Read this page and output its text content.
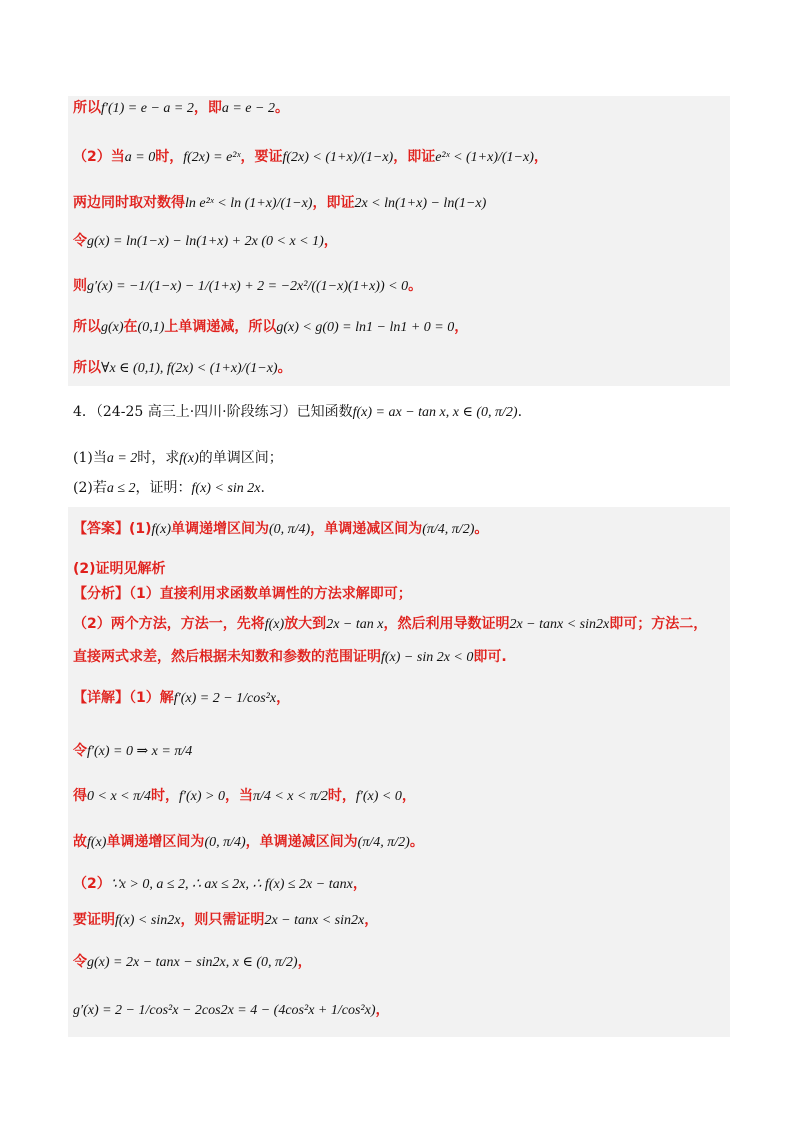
所以f′(1) = e − a = 2，即a = e − 2。
（2）当a = 0时，f(2x) = e²ˣ，要证f(2x) < (1+x)/(1−x)，即证e²ˣ < (1+x)/(1−x)，
两边同时取对数得ln e²ˣ < ln (1+x)/(1−x)，即证2x < ln(1+x) − ln(1−x)
令g(x) = ln(1−x) − ln(1+x) + 2x (0 < x < 1)，
则g′(x) = −1/(1−x) − 1/(1+x) + 2 = −2x²/((1−x)(1+x)) < 0。
所以g(x)在(0,1)上单调递减，所以g(x) < g(0) = ln1 − ln1 + 0 = 0，
所以∀x ∈ (0,1), f(2x) < (1+x)/(1−x)。
4．（24-25 高三上·四川·阶段练习）已知函数f(x) = ax − tan x, x ∈ (0, π/2).
(1)当a = 2时，求f(x)的单调区间；
(2)若a ≤ 2，证明：f(x) < sin 2x.
【答案】(1)f(x)单调递增区间为(0, π/4)，单调递减区间为(π/4, π/2)。
(2)证明见解析
【分析】（1）直接利用求函数单调性的方法求解即可；
（2）两个方法，方法一，先将f(x)放大到2x − tan x，然后利用导数证明2x − tanx < sin2x即可；方法二，
直接两式求差，然后根据未知数和参数的范围证明f(x) − sin 2x < 0即可.
【详解】（1）解f′(x) = 2 − 1/cos²x，
令f′(x) = 0 ⇒ x = π/4
得0 < x < π/4时，f′(x) > 0，当π/4 < x < π/2时，f′(x) < 0，
故f(x)单调递增区间为(0, π/4)，单调递减区间为(π/4, π/2)。
（2）∵x > 0, a ≤ 2, ∴ ax ≤ 2x, ∴ f(x) ≤ 2x − tanx，
要证明f(x) < sin2x，则只需证明2x − tanx < sin2x，
令g(x) = 2x − tanx − sin2x, x ∈ (0, π/2)，
g′(x) = 2 − 1/cos²x − 2cos2x = 4 − (4cos²x + 1/cos²x)，
